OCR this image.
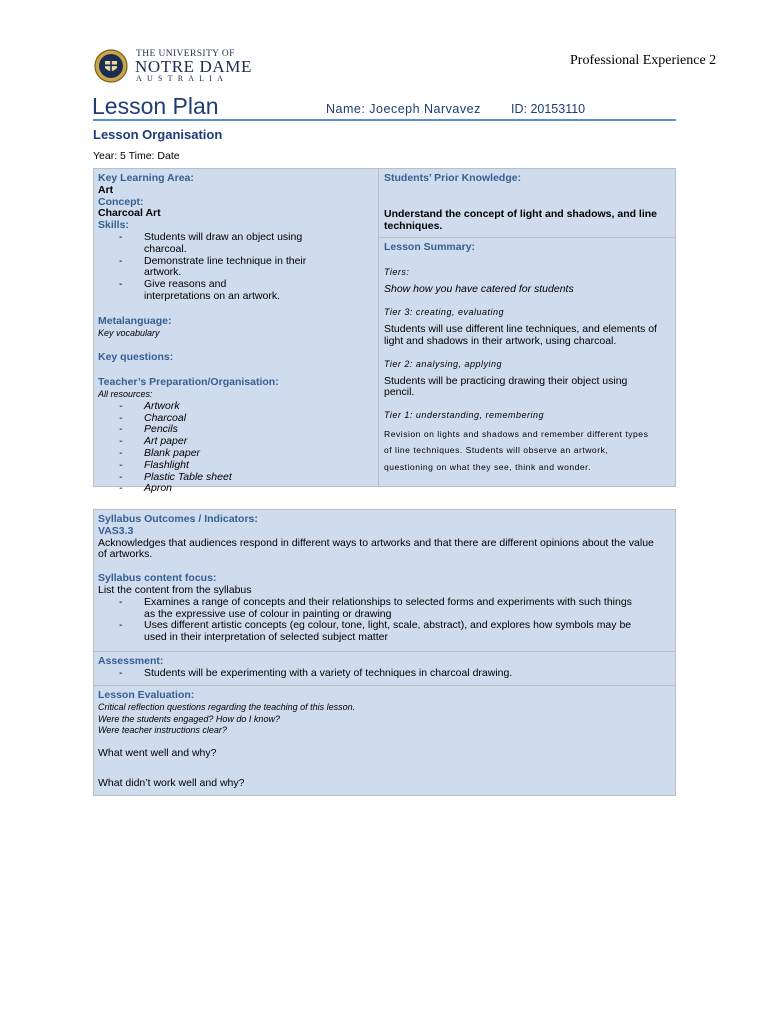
THE UNIVERSITY OF
NOTRE DAME
AUSTRALIA
Professional Experience 2
Lesson Plan	Name: Joeceph Narvavez ID: 20153110
Lesson Organisation
Year: 5 Time: Date
Key Learning Area:
Art
Concept:
Charcoal Art
Skills:
- Students will draw an object using charcoal.
- Demonstrate line technique in their artwork.
- Give reasons and interpretations on an artwork.
Metalanguage:
Key vocabulary
Key questions:
Teacher’s Preparation/Organisation:
All resources:
- Artwork
- Charcoal
- Pencils
- Art paper
- Blank paper
- Flashlight
- Plastic Table sheet
- Apron
Students’ Prior Knowledge:
Understand the concept of light and shadows, and line techniques.
Lesson Summary:
Tiers:
Show how you have catered for students
Tier 3: creating, evaluating
Students will use different line techniques, and elements of light and shadows in their artwork, using charcoal.
Tier 2: analysing, applying
Students will be practicing drawing their object using pencil.
Tier 1: understanding, remembering
Revision on lights and shadows and remember different types
of line techniques. Students will observe an artwork,
questioning on what they see, think and wonder.
Syllabus Outcomes / Indicators:
VAS3.3
Acknowledges that audiences respond in different ways to artworks and that there are different opinions about the value of artworks.
Syllabus content focus:
List the content from the syllabus
- Examines a range of concepts and their relationships to selected forms and experiments with such things as the expressive use of colour in painting or drawing
- Uses different artistic concepts (eg colour, tone, light, scale, abstract), and explores how symbols may be used in their interpretation of selected subject matter
Assessment:
- Students will be experimenting with a variety of techniques in charcoal drawing.
Lesson Evaluation:
Critical reflection questions regarding the teaching of this lesson.
Were the students engaged? How do I know?
Were teacher instructions clear?
What went well and why?
What didn’t work well and why?
